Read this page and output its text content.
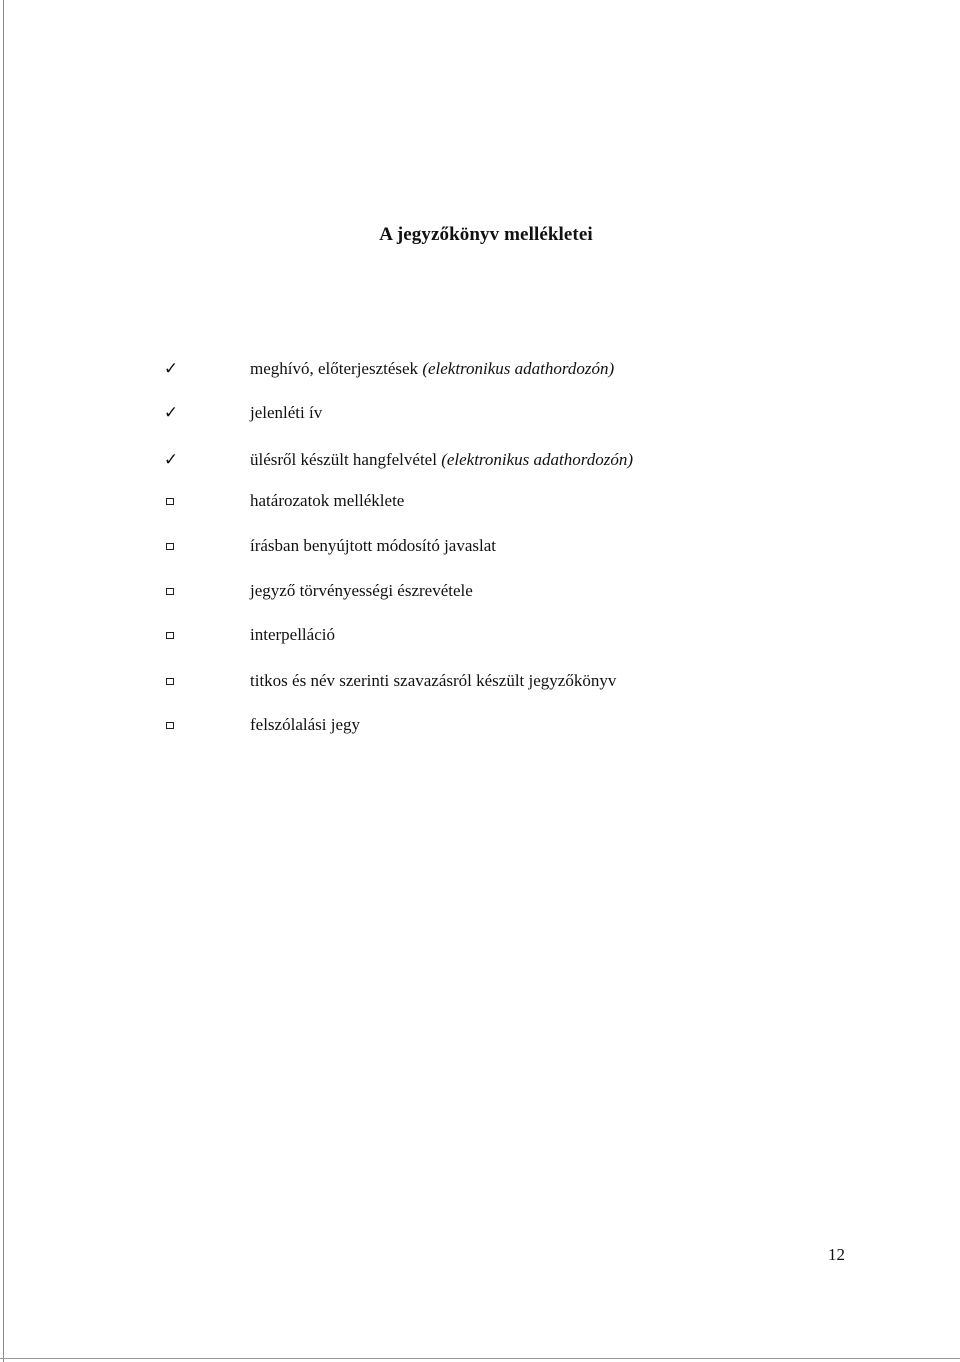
A jegyzőkönyv mellékletei
✓	meghívó, előterjesztések (elektronikus adathordozón)
✓	jelenléti ív
✓	ülésről készült hangfelvétel (elektronikus adathordozón)
határozatok melléklete
írásban benyújtott módosító javaslat
jegyző törvényességi észrevétele
interpelláció
titkos és név szerinti szavazásról készült jegyzőkönyv
felszólalási jegy
12
